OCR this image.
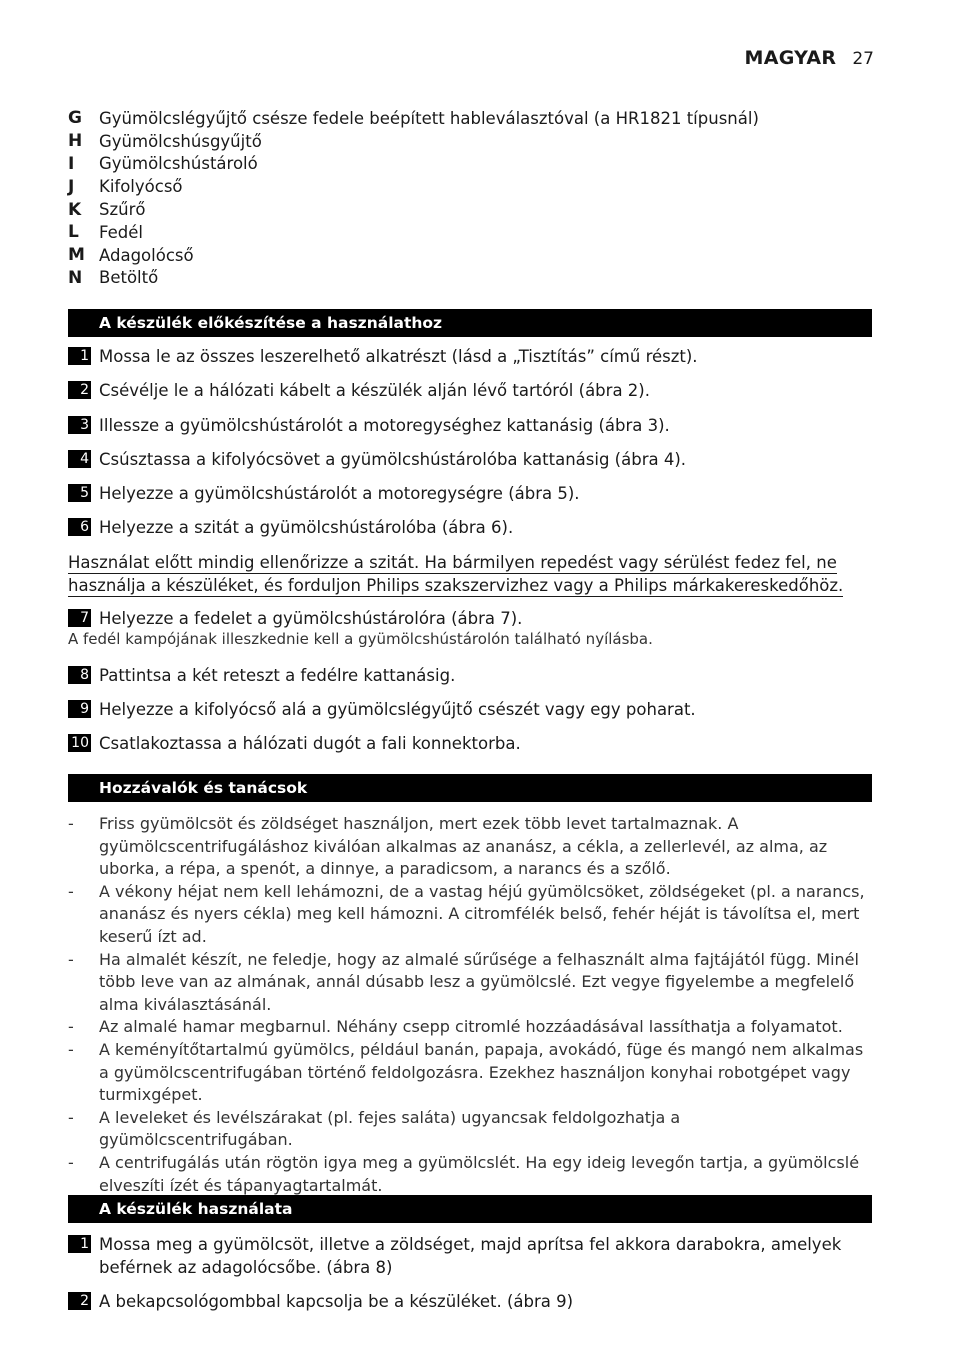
MAGYAR 27
G	Gyümölcslégyűjtő csésze fedele beépített hableválasztóval (a HR1821 típusnál)
H	Gyümölcshúsgyűjtő
I	Gyümölcshústároló
J	Kifolyócső
K	Szűrő
L	Fedél
M Adagolócső
N	Betöltő
A készülék előkészítése a használathoz
1 Mossa le az összes leszerelhető alkatrészt (lásd a „Tisztítás” című részt).
2 Csévélje le a hálózati kábelt a készülék alján lévő tartóról (ábra 2).
3 Illessze a gyümölcshústárolót a motoregységhez kattanásig (ábra 3).
4 Csúsztassa a kifolyócsövet a gyümölcshústárolóba kattanásig (ábra 4).
5 Helyezze a gyümölcshústárolót a motoregységre (ábra 5).
6 Helyezze a szitát a gyümölcshústárolóba (ábra 6).
Használat előtt mindig ellenőrizze a szitát. Ha bármilyen repedést vagy sérülést fedez fel, ne
használja a készüléket, és forduljon Philips szakszervizhez vagy a Philips márkakereskedőhöz.
7 Helyezze a fedelet a gyümölcshústárolóra (ábra 7).
A fedél kampójának illeszkednie kell a gyümölcshústárolón található nyílásba.
8 Pattintsa a két reteszt a fedélre kattanásig.
9 Helyezze a kifolyócső alá a gyümölcslégyűjtő csészét vagy egy poharat.
10 Csatlakoztassa a hálózati dugót a fali konnektorba.
Hozzávalók és tanácsok
-	Friss gyümölcsöt és zöldséget használjon, mert ezek több levet tartalmaznak. A gyümölcscentrifugáláshoz kiválóan alkalmas az ananász, a cékla, a zellerlevél, az alma, az uborka, a répa, a spenót, a dinnye, a paradicsom, a narancs és a szőlő.
-	A vékony héjat nem kell lehámozni, de a vastag héjú gyümölcsöket, zöldségeket (pl. a narancs, ananász és nyers cékla) meg kell hámozni. A citromfélék belső, fehér héját is távolítsa el, mert keserű ízt ad.
-	Ha almalét készít, ne feledje, hogy az almalé sűrűsége a felhasznált alma fajtájától függ. Minél több leve van az almának, annál dúsabb lesz a gyümölcslé. Ezt vegye figyelembe a megfelelő alma kiválasztásánál.
-	Az almalé hamar megbarnul. Néhány csepp citromlé hozzáadásával lassíthatja a folyamatot.
-	A keményítőtartalmú gyümölcs, például banán, papaja, avokádó, füge és mangó nem alkalmas a gyümölcscentrifugában történő feldolgozásra. Ezekhez használjon konyhai robotgépet vagy turmixgépet.
-	A leveleket és levélszárakat (pl. fejes saláta) ugyancsak feldolgozhatja a gyümölcscentrifugában.
-	A centrifugálás után rögtön igya meg a gyümölcslét. Ha egy ideig levegőn tartja, a gyümölcslé elveszíti ízét és tápanyagtartalmát.
A készülék használata
1 Mossa meg a gyümölcsöt, illetve a zöldséget, majd aprítsa fel akkora darabokra, amelyek beférnek az adagolócsőbe. (ábra 8)
2 A bekapcsológombbal kapcsolja be a készüléket. (ábra 9)
